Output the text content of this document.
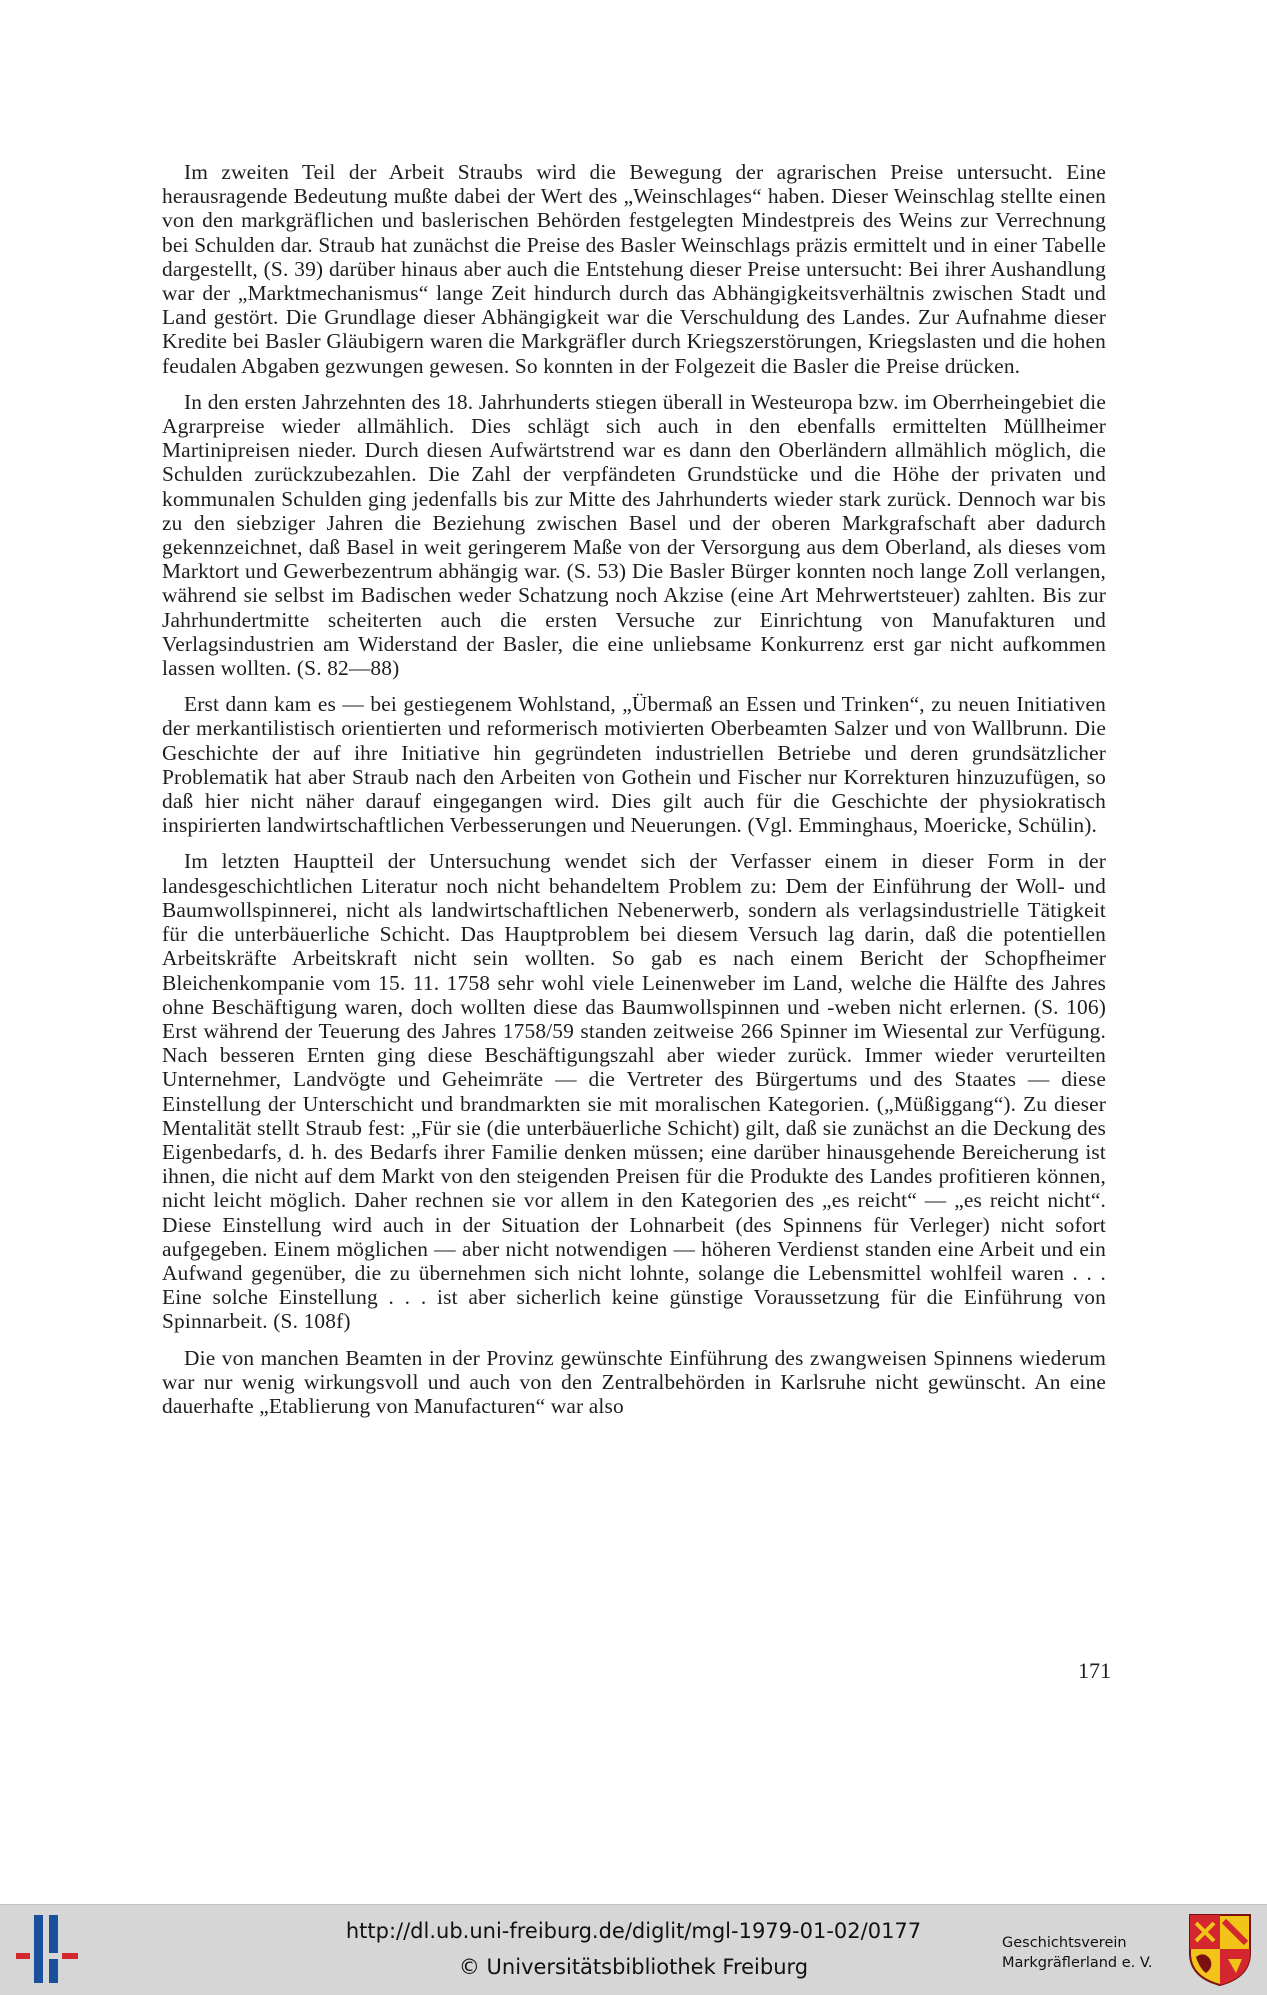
Im zweiten Teil der Arbeit Straubs wird die Bewegung der agrarischen Preise untersucht. Eine herausragende Bedeutung mußte dabei der Wert des „Weinschlages“ haben. Dieser Weinschlag stellte einen von den markgräflichen und baslerischen Behörden festgelegten Mindestpreis des Weins zur Verrechnung bei Schulden dar. Straub hat zunächst die Preise des Basler Weinschlags präzis ermittelt und in einer Tabelle dargestellt, (S. 39) darüber hinaus aber auch die Entstehung dieser Preise untersucht: Bei ihrer Aushandlung war der „Marktmechanismus“ lange Zeit hindurch durch das Abhängigkeitsverhältnis zwischen Stadt und Land gestört. Die Grundlage dieser Abhängigkeit war die Verschuldung des Landes. Zur Aufnahme dieser Kredite bei Basler Gläubigern waren die Markgräfler durch Kriegszerstörungen, Kriegslasten und die hohen feudalen Abgaben gezwungen gewesen. So konnten in der Folgezeit die Basler die Preise drücken.

In den ersten Jahrzehnten des 18. Jahrhunderts stiegen überall in Westeuropa bzw. im Oberrheingebiet die Agrarpreise wieder allmählich. Dies schlägt sich auch in den ebenfalls ermittelten Müllheimer Martinipreisen nieder. Durch diesen Aufwärtstrend war es dann den Oberländern allmählich möglich, die Schulden zurückzubezahlen. Die Zahl der verpfändeten Grundstücke und die Höhe der privaten und kommunalen Schulden ging jedenfalls bis zur Mitte des Jahrhunderts wieder stark zurück. Dennoch war bis zu den siebziger Jahren die Beziehung zwischen Basel und der oberen Markgrafschaft aber dadurch gekennzeichnet, daß Basel in weit geringerem Maße von der Versorgung aus dem Oberland, als dieses vom Marktort und Gewerbezentrum abhängig war. (S. 53) Die Basler Bürger konnten noch lange Zoll verlangen, während sie selbst im Badischen weder Schatzung noch Akzise (eine Art Mehrwertsteuer) zahlten. Bis zur Jahrhundertmitte scheiterten auch die ersten Versuche zur Einrichtung von Manufakturen und Verlagsindustrien am Widerstand der Basler, die eine unliebsame Konkurrenz erst gar nicht aufkommen lassen wollten. (S. 82—88)

Erst dann kam es — bei gestiegenem Wohlstand, „Übermaß an Essen und Trinken“, zu neuen Initiativen der merkantilistisch orientierten und reformerisch motivierten Oberbeamten Salzer und von Wallbrunn. Die Geschichte der auf ihre Initiative hin gegründeten industriellen Betriebe und deren grundsätzlicher Problematik hat aber Straub nach den Arbeiten von Gothein und Fischer nur Korrekturen hinzuzufügen, so daß hier nicht näher darauf eingegangen wird. Dies gilt auch für die Geschichte der physiokratisch inspirierten landwirtschaftlichen Verbesserungen und Neuerungen. (Vgl. Emminghaus, Moericke, Schülin).

Im letzten Hauptteil der Untersuchung wendet sich der Verfasser einem in dieser Form in der landesgeschichtlichen Literatur noch nicht behandeltem Problem zu: Dem der Einführung der Woll- und Baumwollspinnerei, nicht als landwirtschaftlichen Nebenerwerb, sondern als verlagsindustrielle Tätigkeit für die unterbäuerliche Schicht. Das Hauptproblem bei diesem Versuch lag darin, daß die potentiellen Arbeitskräfte Arbeitskraft nicht sein wollten. So gab es nach einem Bericht der Schopfheimer Bleichenkompanie vom 15. 11. 1758 sehr wohl viele Leinenweber im Land, welche die Hälfte des Jahres ohne Beschäftigung waren, doch wollten diese das Baumwollspinnen und -weben nicht erlernen. (S. 106) Erst während der Teuerung des Jahres 1758/59 standen zeitweise 266 Spinner im Wiesental zur Verfügung. Nach besseren Ernten ging diese Beschäftigungszahl aber wieder zurück. Immer wieder verurteilten Unternehmer, Landvögte und Geheimräte — die Vertreter des Bürgertums und des Staates — diese Einstellung der Unterschicht und brandmarkten sie mit moralischen Kategorien. („Müßiggang“). Zu dieser Mentalität stellt Straub fest: „Für sie (die unterbäuerliche Schicht) gilt, daß sie zunächst an die Deckung des Eigenbedarfs, d. h. des Bedarfs ihrer Familie denken müssen; eine darüber hinausgehende Bereicherung ist ihnen, die nicht auf dem Markt von den steigenden Preisen für die Produkte des Landes profitieren können, nicht leicht möglich. Daher rechnen sie vor allem in den Kategorien des „es reicht“ — „es reicht nicht“. Diese Einstellung wird auch in der Situation der Lohnarbeit (des Spinnens für Verleger) nicht sofort aufgegeben. Einem möglichen — aber nicht notwendigen — höheren Verdienst standen eine Arbeit und ein Aufwand gegenüber, die zu übernehmen sich nicht lohnte, solange die Lebensmittel wohlfeil waren . . . Eine solche Einstellung . . . ist aber sicherlich keine günstige Voraussetzung für die Einführung von Spinnarbeit. (S. 108f)

Die von manchen Beamten in der Provinz gewünschte Einführung des zwangweisen Spinnens wiederum war nur wenig wirkungsvoll und auch von den Zentralbehörden in Karlsruhe nicht gewünscht. An eine dauerhafte „Etablierung von Manufacturen“ war also

171
http://dl.ub.uni-freiburg.de/diglit/mgl-1979-01-02/0177
© Universitätsbibliothek Freiburg
Geschichtsverein
Markgräflerland e. V.
